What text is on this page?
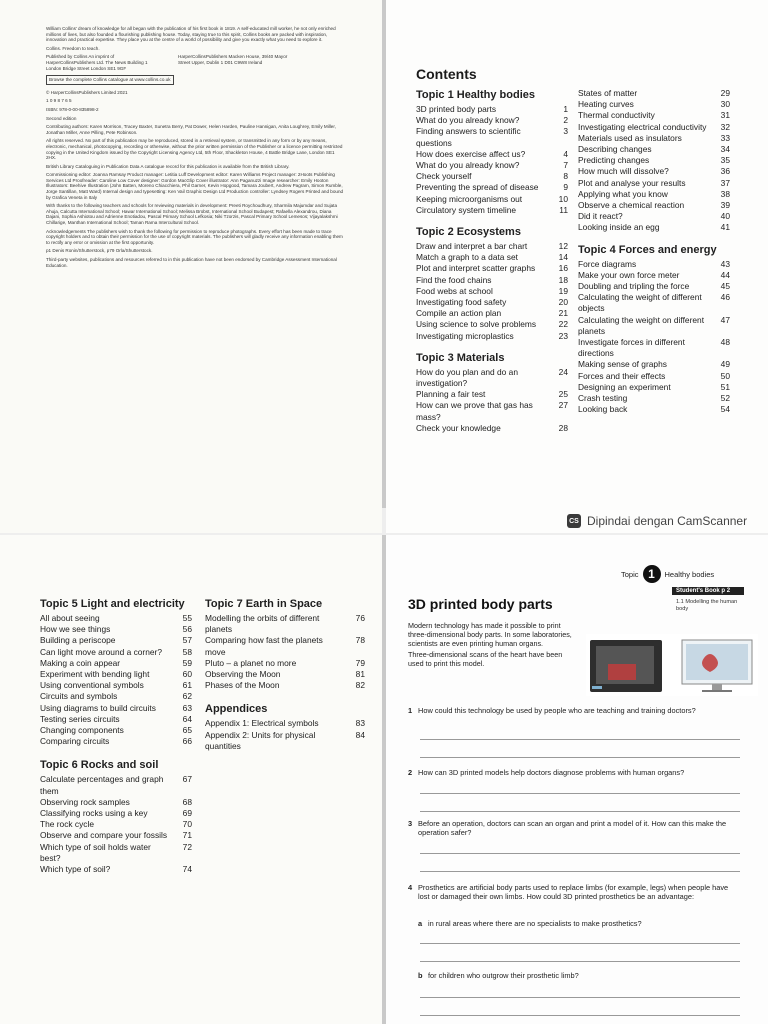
William Collins' dream of knowledge for all began with the publication of his first book in 1819. A self-educated mill worker, he not only enriched millions of lives, but also founded a flourishing publishing house. Today, staying true to this spirit, Collins books are packed with inspiration, innovation and practical expertise. They place you at the centre of a world of possibility and give you exactly what you need to explore it.

Collins. Freedom to teach.

Published by Collins An imprint of HarperCollinsPublishers Ltd. The News Building 1 London Bridge Street London SE1 9GF
HarperCollinsPublishers Macken House, 39/40 Mayor Street Upper, Dublin 1 D01 C9W8 Ireland
Browse the complete Collins catalogue at www.collins.co.uk

© HarperCollinsPublishers Limited 2021

1 0 9 8 7 6 5

ISBN: 978-0-00-835898-2

Second edition

Contributing authors: Karen Morrison, Tracey Baxter, Sunetra Berry, Pat Dower, Helen Harden, Pauline Hannigan, Anita Loughrey, Emily Miller, Jonathan Miller, Anne Pilling, Pete Robinson.

All rights reserved. No part of this publication may be reproduced, stored in a retrieval system, or transmitted in any form or by any means, electronic, mechanical, photocopying, recording or otherwise, without the prior written permission of the Publisher or a licence permitting restricted copying in the United Kingdom issued by the Copyright Licensing Agency Ltd, 5th Floor, Shackleton House, 4 Battle Bridge Lane, London SE1 2HX.

British Library Cataloguing in Publication Data A catalogue record for this publication is available from the British Library.

Commissioning editor: Joanna Ramsay Product manager: Letitia Luff Development editor: Karen Williams Project manager: 2Hoots Publishing Services Ltd Proofreader: Caroline Low Cover designer: Gordon MacGlip Cover illustrator: Ann Paganuzzi Image researcher: Emily Hooton Illustrators: Beehive Illustration (John Batten, Moreno Chiacchiera, Phil Garner, Kevin Hopgood, Tamara Joubert, Andrew Pagram, Simon Rumble, Jorge Santillan, Matt Ward) Internal design and typesetting: Ken Vail Graphic Design Ltd Production controller: Lyndsey Rogers Printed and bound by Grafica Veneta in Italy

With thanks to the following teachers and schools for reviewing materials in development: Preeti Roychoudhury, Sharmila Majumdar and Sujata Ahuja, Calcutta International School; Hawar International School; Melissa Brobst, International School Budapest; Rafaella Alexandrou, Diana Dajani, Sophia Ashiotou and Adrienne Enotiadou, Pascal Primary School Lefkosia; Niki Tzorzis, Pascal Primary School Lemesos; Vijayalakshmi Chillarige, Manthan International School; Taman Rama Intercultural School.

Acknowledgements The publishers wish to thank the following for permission to reproduce photographs. Every effort has been made to trace copyright holders and to obtain their permission for the use of copyright materials. The publishers will gladly receive any information enabling them to rectify any error or omission at the first opportunity.

p1 Denis Ronin/Shutterstock, p79 Orla/Shutterstock.

Third-party websites, publications and resources referred to in this publication have not been endorsed by Cambridge Assessment International Education.

Contents
Topic 1 Healthy bodies
3D printed body parts	1
What do you already know?	2
Finding answers to scientific questions
3
How does exercise affect us?	4
What do you already know?	7
Check yourself	8
Preventing the spread of disease	9
Keeping microorganisms out	10
Circulatory system timeline	11
Topic 2 Ecosystems
Draw and interpret a bar chart	12
Match a graph to a data set	14
Plot and interpret scatter graphs	16
Find the food chains	18
Food webs at school	19
Investigating food safety	20
Compile an action plan	21
Using science to solve problems	22
Investigating microplastics	23
Topic 3 Materials
How do you plan and do an investigation?
24
Planning a fair test	25
How can we prove that gas has mass?
27
Check your knowledge	28
States of matter	29
Heating curves	30
Thermal conductivity	31
Investigating electrical conductivity	32
Materials used as insulators	33
Describing changes	34
Predicting changes	35
How much will dissolve?	36
Plot and analyse your results	37
Applying what you know	38
Observe a chemical reaction	39
Did it react?	40
Looking inside an egg	41
Topic 4 Forces and energy
Force diagrams	43
Make your own force meter	44
Doubling and tripling the force	45
Calculating the weight of different objects
46
Calculating the weight on different planets
47
Investigate forces in different directions
48
Making sense of graphs	49
Forces and their effects	50
Designing an experiment	51
Crash testing	52
Looking back	54
CS Dipindai dengan CamScanner
Topic 5 Light and electricity
All about seeing	55
How we see things	56
Building a periscope	57
Can light move around a corner?	58
Making a coin appear	59
Experiment with bending light	60
Using conventional symbols	61
Circuits and symbols	62
Using diagrams to build circuits	63
Testing series circuits	64
Changing components	65
Comparing circuits	66
Topic 6 Rocks and soil
Calculate percentages and graph them
67
Observing rock samples	68
Classifying rocks using a key	69
The rock cycle	70
Observe and compare your fossils	71
Which type of soil holds water best?
72
Which type of soil?	74
Topic 7 Earth in Space
Modelling the orbits of different planets
76
Comparing how fast the planets move
78
Pluto – a planet no more	79
Observing the Moon	81
Phases of the Moon	82
Appendices
Appendix 1: Electrical symbols	83
Appendix 2: Units for physical quantities
84
Topic 1	Healthy bodies
Student's Book p 2
1.1 Modelling the human body
3D printed body parts

Modern technology has made it possible to print three-dimensional body parts. In some laboratories, scientists are even printing human organs.

Three-dimensional scans of the heart have been used to print this model.

1 How could this technology be used by people who are teaching and training doctors?
2 How can 3D printed models help doctors diagnose problems with human organs?
3 Before an operation, doctors can scan an organ and print a model of it. How can this make the operation safer?
4 Prosthetics are artificial body parts used to replace limbs (for example, legs) when people have lost or damaged their own limbs. How could 3D printed prosthetics be an advantage:
a in rural areas where there are no specialists to make prosthetics?
b for children who outgrow their prosthetic limb?
